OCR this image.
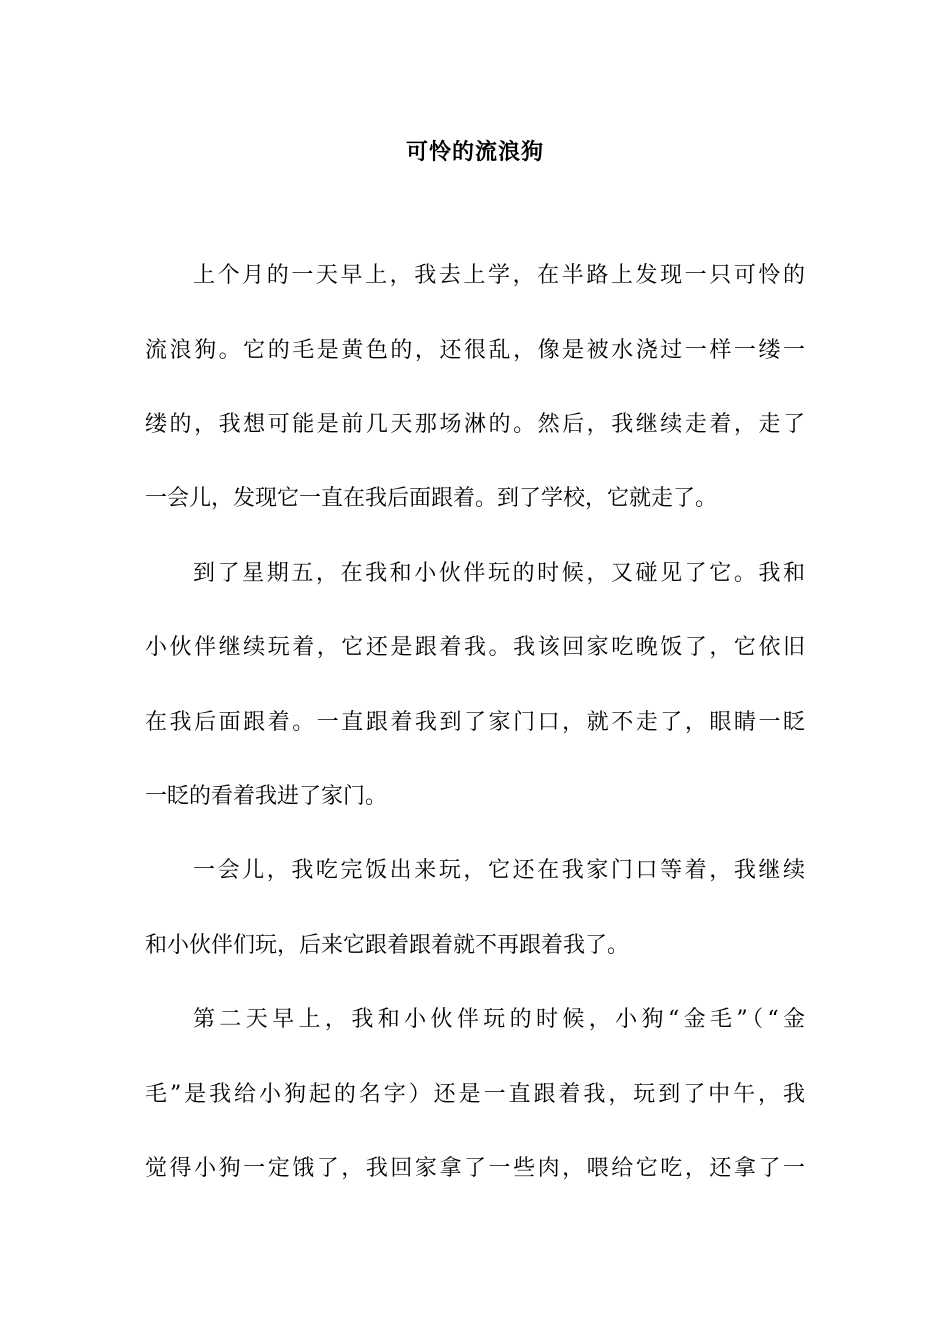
可怜的流浪狗
上个月的一天早上，我去上学，在半路上发现一只可怜的
流浪狗。它的毛是黄色的，还很乱，像是被水浇过一样一缕一
缕的，我想可能是前几天那场淋的。然后，我继续走着，走了
一会儿，发现它一直在我后面跟着。到了学校，它就走了。
到了星期五，在我和小伙伴玩的时候，又碰见了它。我和
小伙伴继续玩着，它还是跟着我。我该回家吃晚饭了，它依旧
在我后面跟着。一直跟着我到了家门口，就不走了，眼睛一眨
一眨的看着我进了家门。
一会儿，我吃完饭出来玩，它还在我家门口等着，我继续
和小伙伴们玩，后来它跟着跟着就不再跟着我了。
第二天早上，我和小伙伴玩的时候，小狗“金毛”（“金
毛”是我给小狗起的名字）还是一直跟着我，玩到了中午，我
觉得小狗一定饿了，我回家拿了一些肉，喂给它吃，还拿了一
